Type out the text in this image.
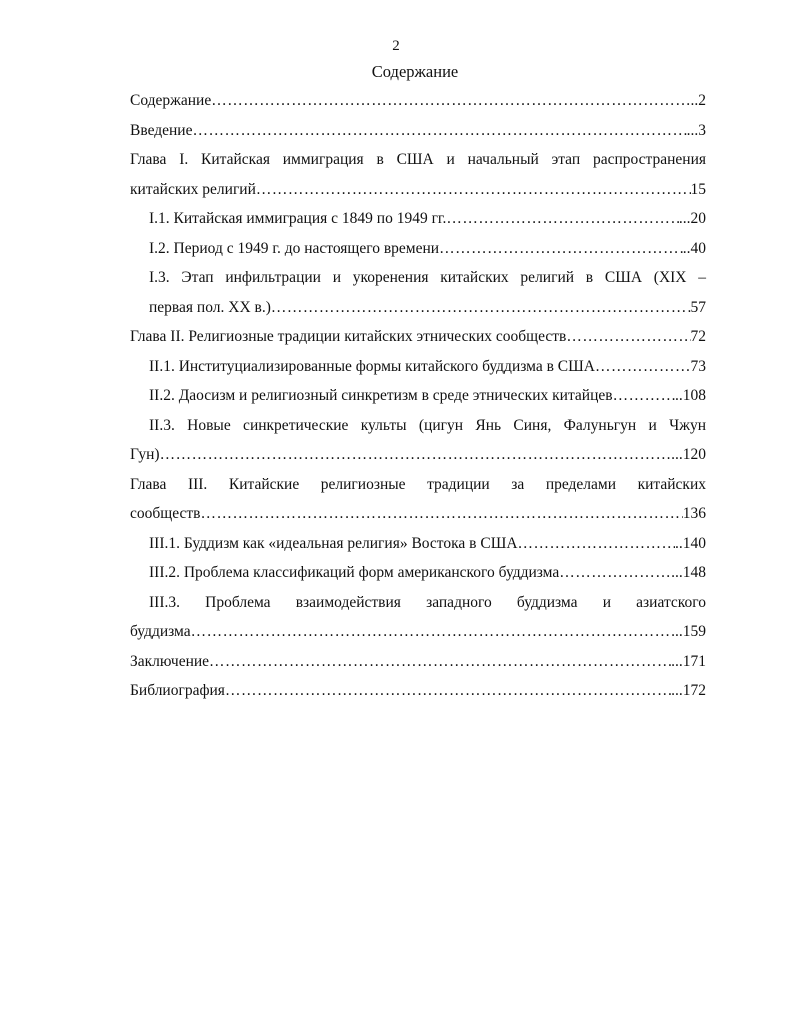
2
Содержание
Содержание …………………………………………………………………………………………………………………………………………………………………………………………………	..2
Введение …………………………………………………………………………………………………………………………………………………………………………………………………	...3
Глава I. Китайская иммиграция в США и начальный этап распространения
китайских религий …………………………………………………………………………………………………………………………………………………………………………………………………	15
I.1. Китайская иммиграция с 1849 по 1949 гг. …………………………………………………………………………………………………………………………………………………………………………………………………	...20
I.2. Период с 1949 г. до настоящего времени …………………………………………………………………………………………………………………………………………………………………………………………………	..40
I.3. Этап инфильтрации и укоренения китайских религий в США (XIX –
первая пол. XX в.) …………………………………………………………………………………………………………………………………………………………………………………………………	57
Глава II. Религиозные традиции китайских этнических сообществ …………………………………………………………………………………………………………………………………………………………………………………………………	72
II.1. Институциализированные формы китайского буддизма в США …………………………………………………………………………………………………………………………………………………………………………………………………	73
II.2. Даосизм и религиозный синкретизм в среде этнических китайцев …………………………………………………………………………………………………………………………………………………………………………………………………	..108
II.3. Новые синкретические культы (цигун Янь Синя, Фалуньгун и Чжун
Гун) …………………………………………………………………………………………………………………………………………………………………………………………………	...120
Глава III. Китайские религиозные традиции за пределами китайских
сообществ …………………………………………………………………………………………………………………………………………………………………………………………………	136
III.1. Буддизм как «идеальная религия» Востока в США …………………………………………………………………………………………………………………………………………………………………………………………………	..140
III.2. Проблема классификаций форм американского буддизма …………………………………………………………………………………………………………………………………………………………………………………………………	...148
III.3. Проблема взаимодействия западного буддизма и азиатского
буддизма …………………………………………………………………………………………………………………………………………………………………………………………………	...159
Заключение …………………………………………………………………………………………………………………………………………………………………………………………………	...171
Библиография …………………………………………………………………………………………………………………………………………………………………………………………………	...172
